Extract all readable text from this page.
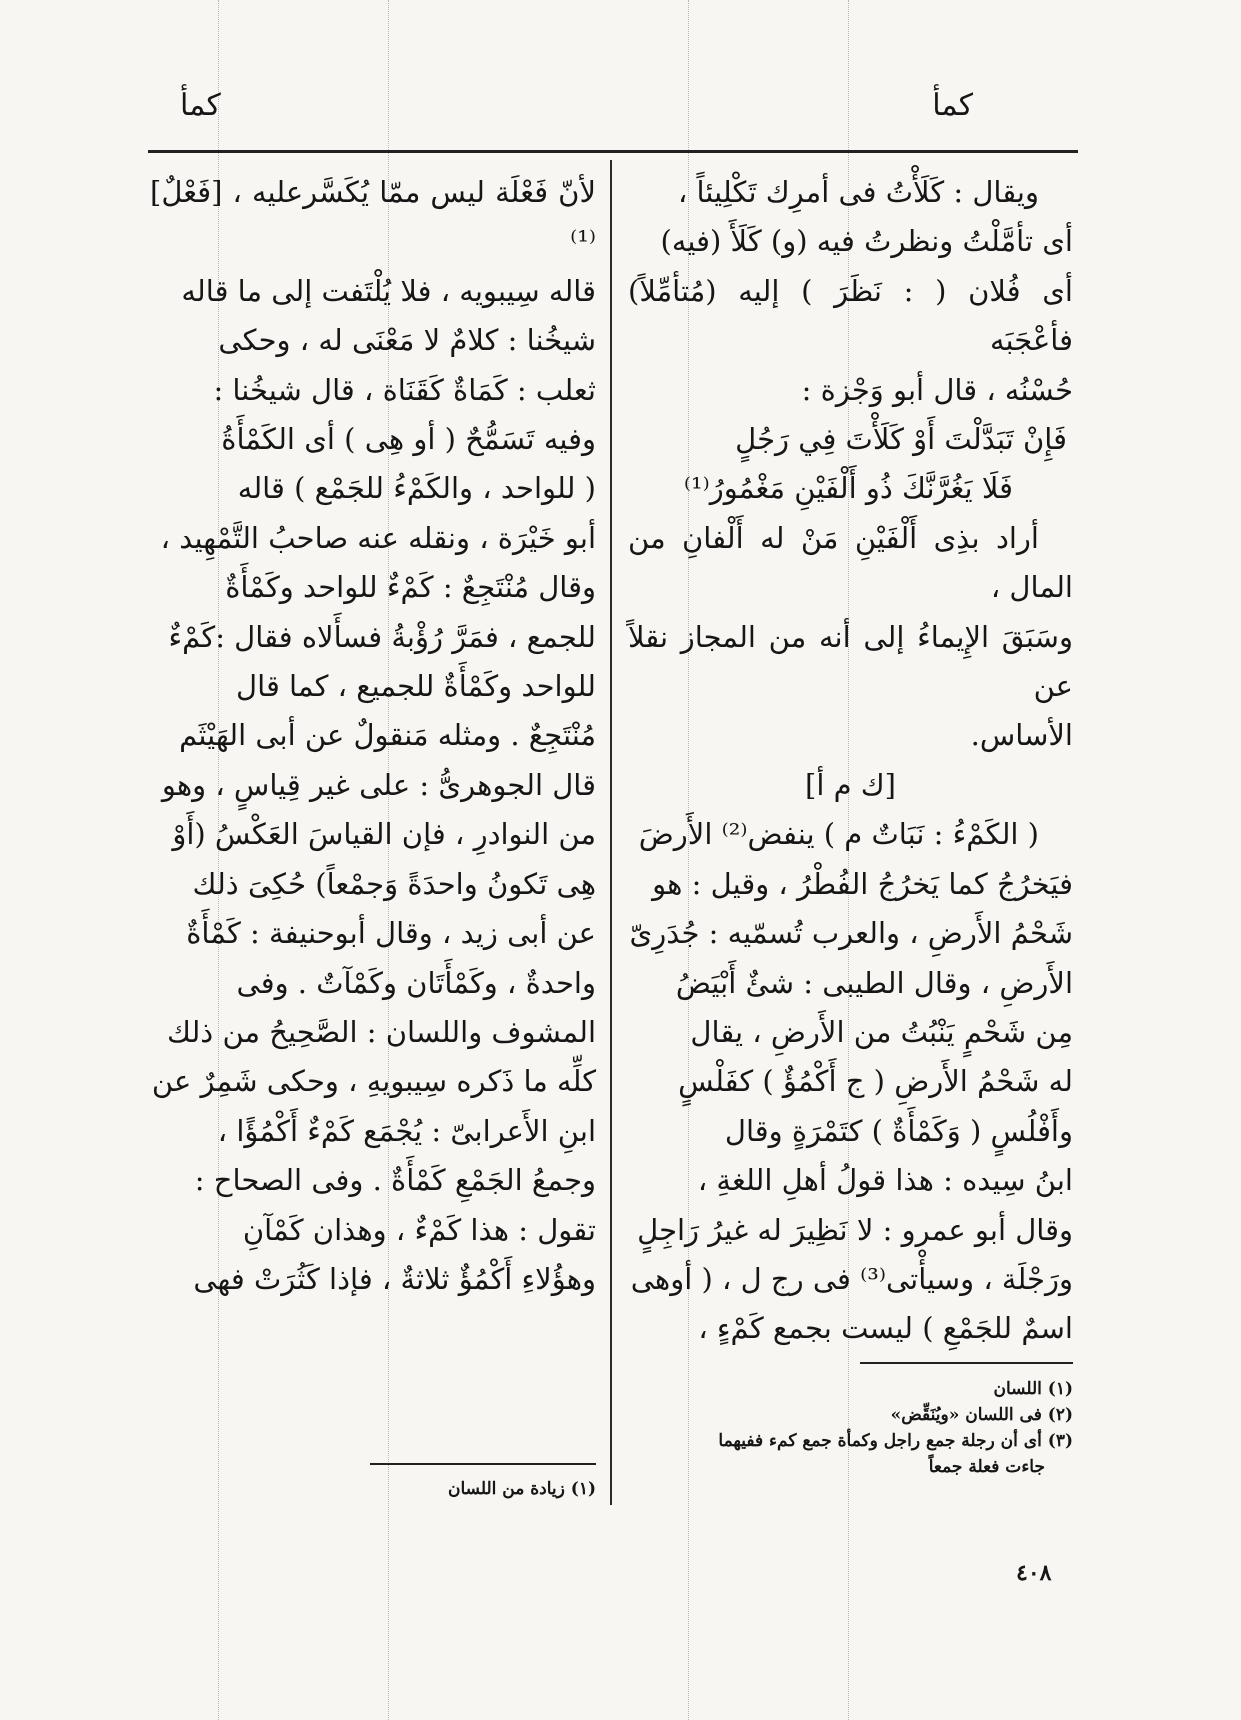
كمأ
كمأ

ويقال : كَلَأْتُ فى أمرِك تَكْلِيئاً ،

أى تأمَّلْتُ ونظرتُ فيه (و) كَلَأَ (فيه)

أى فُلان ( : نَظَرَ ) إليه (مُتأمِّلاً) فأعْجَبَه

حُسْنُه ، قال أبو وَجْزة :

فَإِنْ تَبَدَّلْتَ أَوْ كَلَأْتَ فِي رَجُلٍ

فَلَا يَغُرَّنَّكَ ذُو أَلْفَيْنِ مَغْمُورُ⁽¹⁾

أراد بذِى أَلْفَيْنِ مَنْ له أَلْفانِ من المال ،

وسَبَقَ الإِيماءُ إلى أنه من المجاز نقلاً عن

الأساس.

[ك م أ]

( الكَمْءُ : نَبَاتٌ م ) ينفض⁽²⁾ الأَرضَ

فيَخرُجُ كما يَخرُجُ الفُطْرُ ، وقيل : هو

شَحْمُ الأَرضِ ، والعرب تُسمّيه : جُدَرِىّ

الأَرضِ ، وقال الطيبى : شئٌ أَبْيَضُ

مِن شَحْمٍ يَنْبُتُ من الأَرضِ ، يقال

له شَحْمُ الأَرضِ ( ج أَكْمُؤٌ ) كفَلْسٍ

وأَفْلُسٍ ( وَكَمْأَةٌ ) كتَمْرَةٍ وقال

ابنُ سِيده : هذا قولُ أهلِ اللغةِ ،

وقال أبو عمرو : لا نَظِيرَ له غيرُ رَاجِلٍ

ورَجْلَة ، وسيأْتى⁽³⁾ فى رج ل ، ( أوهى

اسمٌ للجَمْعِ ) ليست بجمع كَمْءٍ ،

لأنّ فَعْلَة ليس ممّا يُكَسَّرعليه ، [فَعْلٌ]⁽¹⁾

قاله سِيبويه ، فلا يُلْتَفت إلى ما قاله

شيخُنا : كلامٌ لا مَعْنَى له ، وحكى

ثعلب : كَمَاةٌ كَقَنَاة ، قال شيخُنا :

وفيه تَسَمُّحٌ ( أو هِى ) أى الكَمْأَةُ

( للواحد ، والكَمْءُ للجَمْع ) قاله

أبو خَيْرَة ، ونقله عنه صاحبُ التَّمْهِيد ،

وقال مُنْتَجِعٌ : كَمْءٌ للواحد وكَمْأَةٌ

للجمع ، فمَرَّ رُؤْبةُ فسأَلاه فقال :كَمْءٌ

للواحد وكَمْأَةٌ للجميع ، كما قال

مُنْتَجِعٌ . ومثله مَنقولٌ عن أبى الهَيْثَم

قال الجوهرىُّ : على غير قِياسٍ ، وهو

من النوادرِ ، فإن القياسَ العَكْسُ (أَوْ

هِى تَكونُ واحدَةً وَجمْعاً) حُكِىَ ذلك

عن أبى زيد ، وقال أبوحنيفة : كَمْأَةٌ

واحدةٌ ، وكَمْأَتَان وكَمْآتٌ . وفى

المشوف واللسان : الصَّحِيحُ من ذلك

كلِّه ما ذَكره سِيبويهِ ، وحكى شَمِرٌ عن

ابنِ الأَعرابىّ : يُجْمَع كَمْءٌ أَكْمُؤًا ،

وجمعُ الجَمْعِ كَمْأَةٌ . وفى الصحاح :

تقول : هذا كَمْءٌ ، وهذان كَمْآنِ

وهؤُلاءِ أَكْمُؤٌ ثلاثةٌ ، فإذا كَثُرَتْ فهى

(١) اللسان
(٢) فى اللسان «ويُنَقِّض»
(٣) أى أن رجلة جمع راجل وكمأة جمع كمء ففيهما
جاءت فعلة جمعاً
(١) زيادة من اللسان
٤٠٨
